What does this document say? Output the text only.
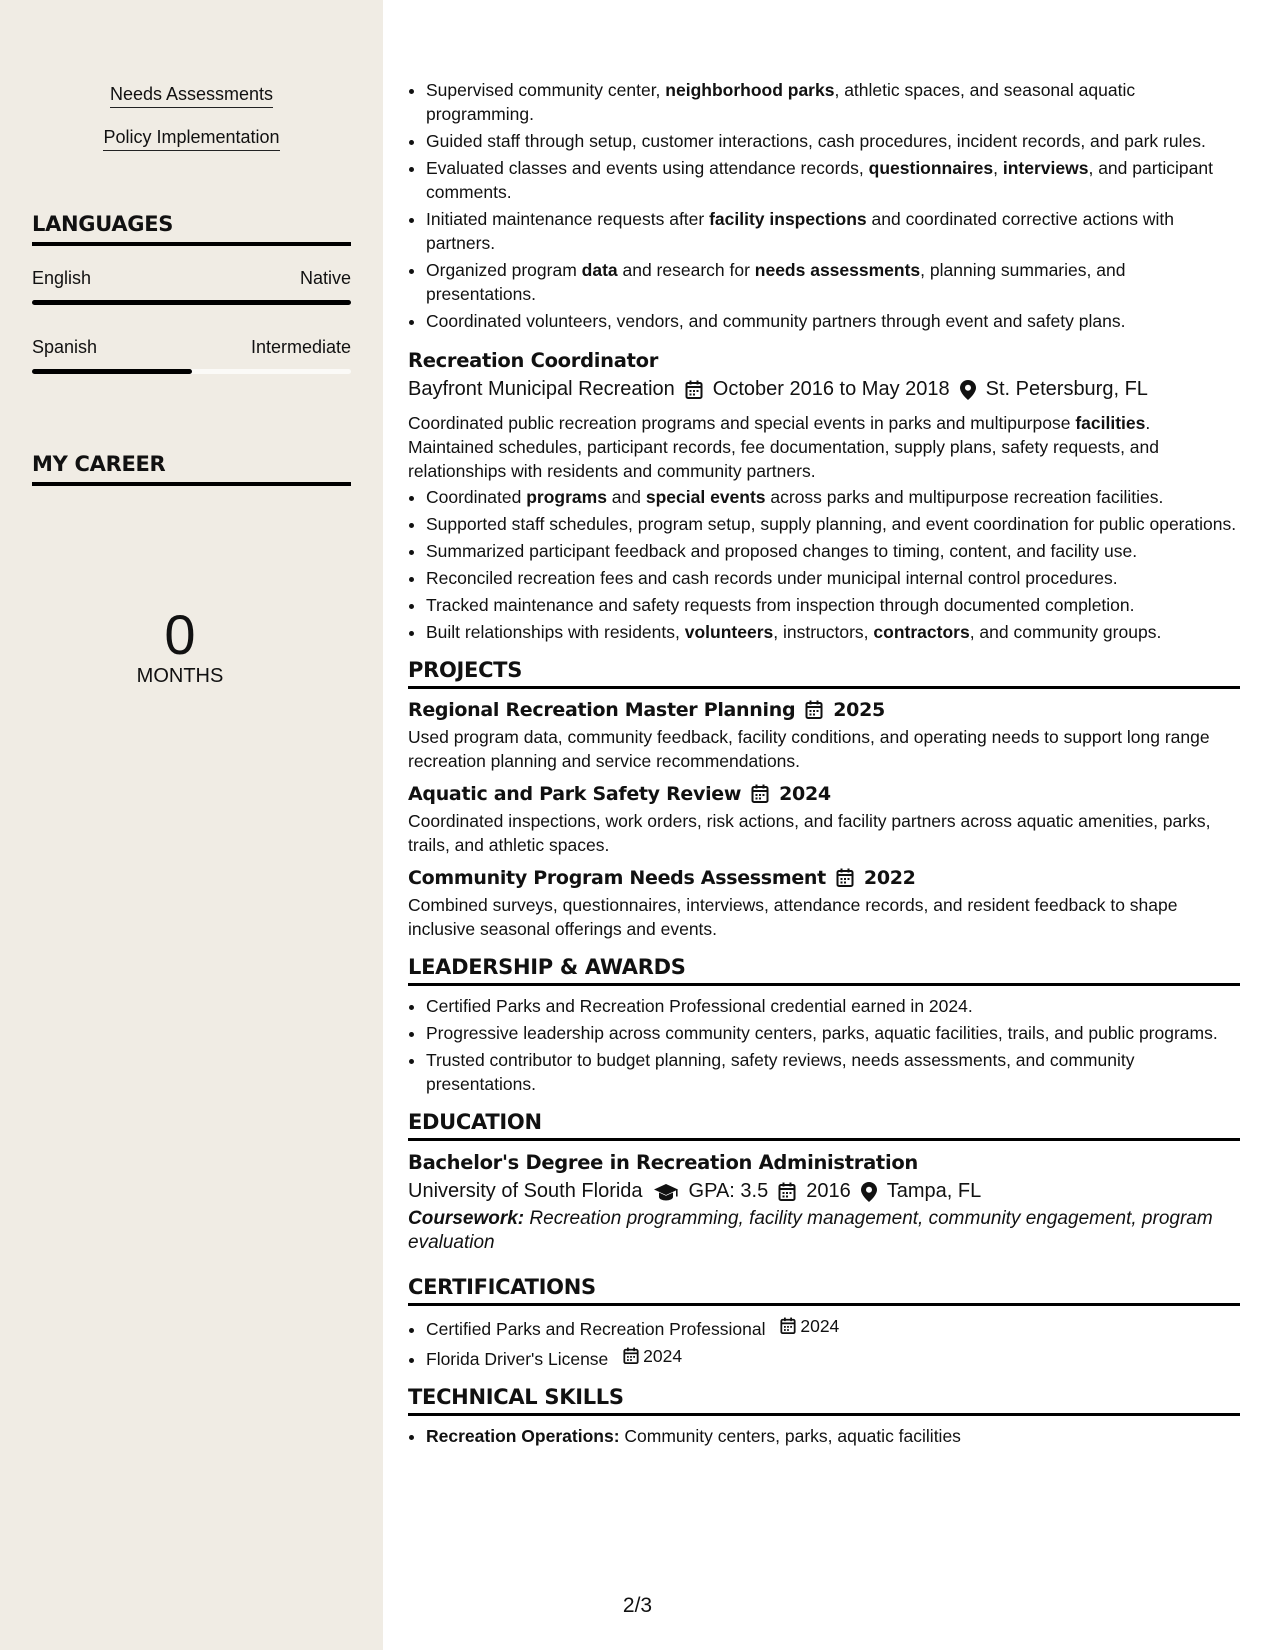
Needs Assessments
Policy Implementation
LANGUAGES
English	Native
Spanish	Intermediate
MY CAREER
0
MONTHS
• Supervised community center, neighborhood parks, athletic spaces, and seasonal aquatic programming.
• Guided staff through setup, customer interactions, cash procedures, incident records, and park rules.
• Evaluated classes and events using attendance records, questionnaires, interviews, and participant comments.
• Initiated maintenance requests after facility inspections and coordinated corrective actions with partners.
• Organized program data and research for needs assessments, planning summaries, and presentations.
• Coordinated volunteers, vendors, and community partners through event and safety plans.
Recreation Coordinator
Bayfront Municipal Recreation October 2016 to May 2018 St. Petersburg, FL

Coordinated public recreation programs and special events in parks and multipurpose facilities. Maintained schedules, participant records, fee documentation, supply plans, safety requests, and relationships with residents and community partners.

• Coordinated programs and special events across parks and multipurpose recreation facilities.
• Supported staff schedules, program setup, supply planning, and event coordination for public operations.
• Summarized participant feedback and proposed changes to timing, content, and facility use.
• Reconciled recreation fees and cash records under municipal internal control procedures.
• Tracked maintenance and safety requests from inspection through documented completion.
• Built relationships with residents, volunteers, instructors, contractors, and community groups.
PROJECTS
Regional Recreation Master Planning 2025

Used program data, community feedback, facility conditions, and operating needs to support long range recreation planning and service recommendations.

Aquatic and Park Safety Review 2024

Coordinated inspections, work orders, risk actions, and facility partners across aquatic amenities, parks, trails, and athletic spaces.

Community Program Needs Assessment 2022

Combined surveys, questionnaires, interviews, attendance records, and resident feedback to shape inclusive seasonal offerings and events.

LEADERSHIP & AWARDS
• Certified Parks and Recreation Professional credential earned in 2024.
• Progressive leadership across community centers, parks, aquatic facilities, trails, and public programs.
• Trusted contributor to budget planning, safety reviews, needs assessments, and community presentations.
EDUCATION
Bachelor's Degree in Recreation Administration
University of South Florida GPA: 3.5 2016 Tampa, FL
Coursework: Recreation programming, facility management, community engagement, program evaluation
CERTIFICATIONS
• Certified Parks and Recreation Professional 2024
• Florida Driver's License 2024
TECHNICAL SKILLS
• Recreation Operations: Community centers, parks, aquatic facilities
2/3
